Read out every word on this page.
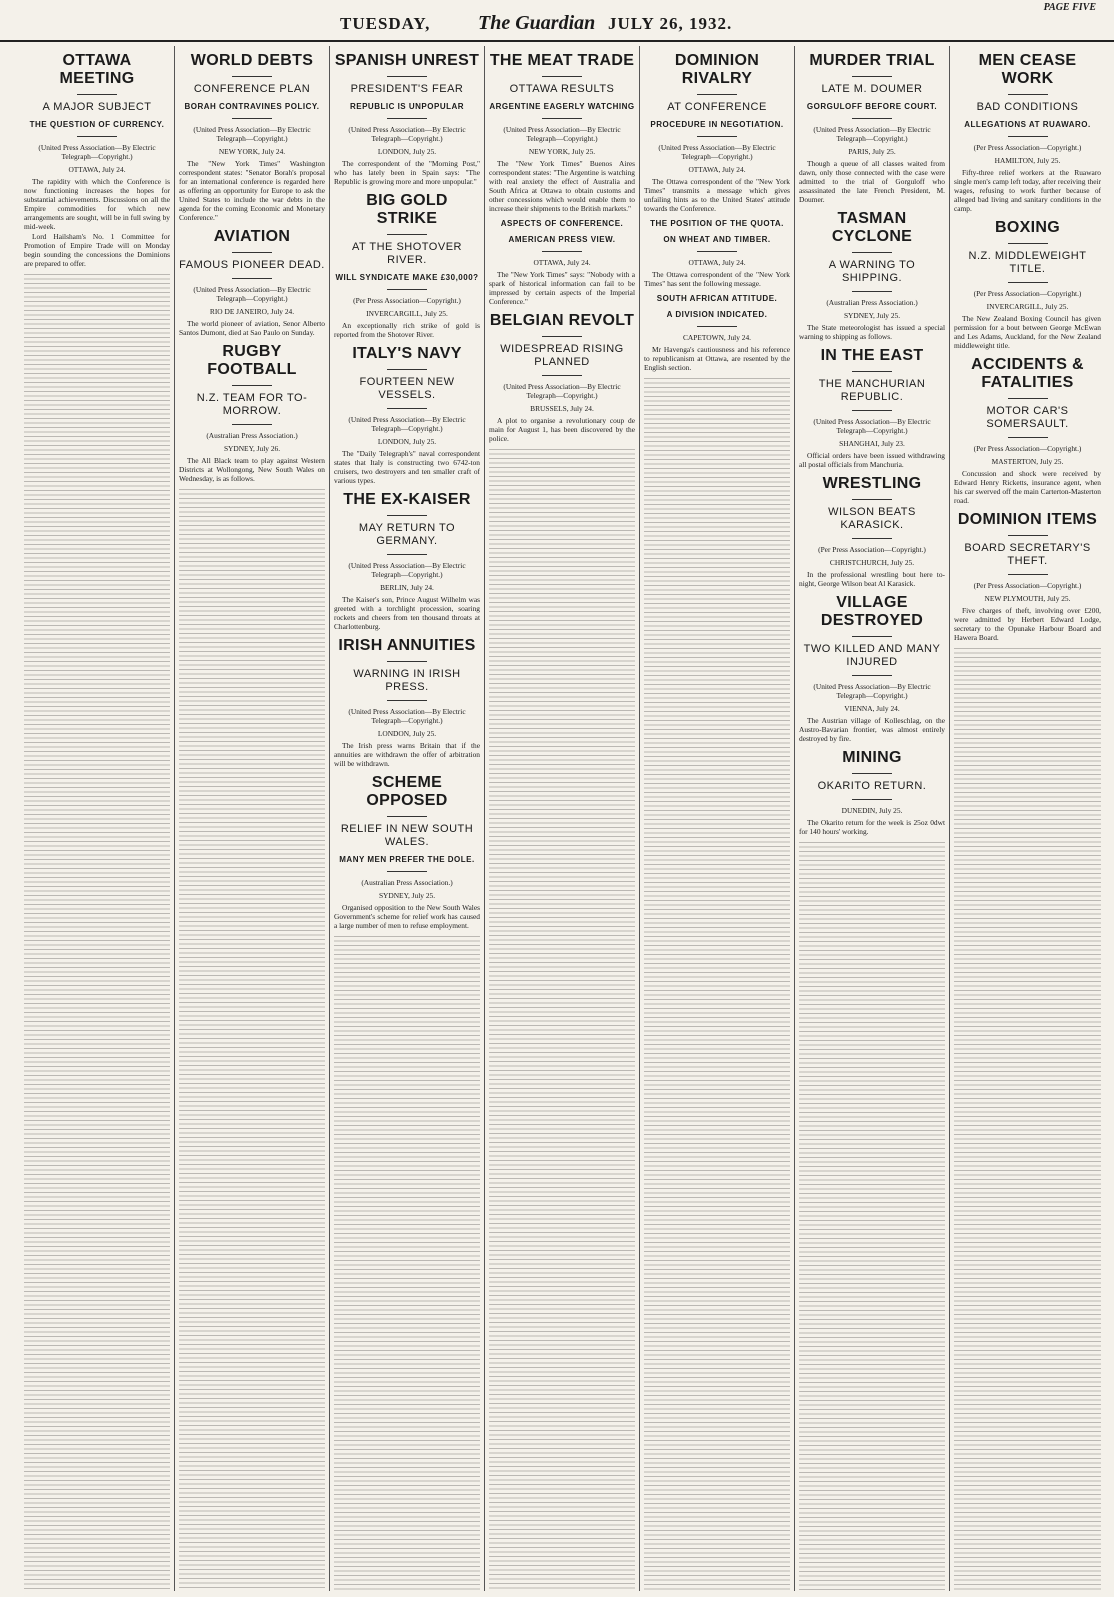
TUESDAY, The Guardian JULY 26, 1932.
PAGE FIVE
OTTAWA MEETING
A MAJOR SUBJECT
THE QUESTION OF CURRENCY.
(United Press Association—By Electric Telegraph—Copyright.)
OTTAWA, July 24.

The rapidity with which the Conference is now functioning increases the hopes for substantial achievements. Discussions on all the Empire commodities for which new arrangements are sought, will be in full swing by mid-week.

Lord Hailsham's No. 1 Committee for Promotion of Empire Trade will on Monday begin sounding the concessions the Dominions are prepared to offer.

WORLD DEBTS
CONFERENCE PLAN
BORAH CONTRAVINES POLICY.
(United Press Association—By Electric Telegraph—Copyright.)
NEW YORK, July 24.

The "New York Times" Washington correspondent states: "Senator Borah's proposal for an international conference is regarded here as offering an opportunity for Europe to ask the United States to include the war debts in the agenda for the coming Economic and Monetary Conference."

AVIATION
FAMOUS PIONEER DEAD.
(United Press Association—By Electric Telegraph—Copyright.)
RIO DE JANEIRO, July 24.

The world pioneer of aviation, Senor Alberto Santos Dumont, died at Sao Paulo on Sunday.

RUGBY FOOTBALL
N.Z. TEAM FOR TO-MORROW.
(Australian Press Association.)
SYDNEY, July 26.

The All Black team to play against Western Districts at Wollongong, New South Wales on Wednesday, is as follows.

SPANISH UNREST
PRESIDENT'S FEAR
REPUBLIC IS UNPOPULAR
(United Press Association—By Electric Telegraph—Copyright.)
LONDON, July 25.

The correspondent of the "Morning Post," who has lately been in Spain says: "The Republic is growing more and more unpopular."

BIG GOLD STRIKE
AT THE SHOTOVER RIVER.
WILL SYNDICATE MAKE £30,000?
(Per Press Association—Copyright.)
INVERCARGILL, July 25.

An exceptionally rich strike of gold is reported from the Shotover River.

ITALY'S NAVY
FOURTEEN NEW VESSELS.
(United Press Association—By Electric Telegraph—Copyright.)
LONDON, July 25.

The "Daily Telegraph's" naval correspondent states that Italy is constructing two 6742-ton cruisers, two destroyers and ten smaller craft of various types.

THE EX-KAISER
MAY RETURN TO GERMANY.
(United Press Association—By Electric Telegraph—Copyright.)
BERLIN, July 24.

The Kaiser's son, Prince August Wilhelm was greeted with a torchlight procession, soaring rockets and cheers from ten thousand throats at Charlottenburg.

IRISH ANNUITIES
WARNING IN IRISH PRESS.
(United Press Association—By Electric Telegraph—Copyright.)
LONDON, July 25.

The Irish press warns Britain that if the annuities are withdrawn the offer of arbitration will be withdrawn.

SCHEME OPPOSED
RELIEF IN NEW SOUTH WALES.
MANY MEN PREFER THE DOLE.
(Australian Press Association.)
SYDNEY, July 25.

Organised opposition to the New South Wales Government's scheme for relief work has caused a large number of men to refuse employment.

THE MEAT TRADE
OTTAWA RESULTS
ARGENTINE EAGERLY WATCHING
(United Press Association—By Electric Telegraph—Copyright.)
NEW YORK, July 25.

The "New York Times" Buenos Aires correspondent states: "The Argentine is watching with real anxiety the effect of Australia and South Africa at Ottawa to obtain customs and other concessions which would enable them to increase their shipments to the British markets."

ASPECTS OF CONFERENCE.
AMERICAN PRESS VIEW.
OTTAWA, July 24.

The "New York Times" says: "Nobody with a spark of historical information can fail to be impressed by certain aspects of the Imperial Conference."

BELGIAN REVOLT
WIDESPREAD RISING PLANNED
(United Press Association—By Electric Telegraph—Copyright.)
BRUSSELS, July 24.

A plot to organise a revolutionary coup de main for August 1, has been discovered by the police.

DOMINION RIVALRY
AT CONFERENCE
PROCEDURE IN NEGOTIATION.
(United Press Association—By Electric Telegraph—Copyright.)
OTTAWA, July 24.

The Ottawa correspondent of the "New York Times" transmits a message which gives unfailing hints as to the United States' attitude towards the Conference.

THE POSITION OF THE QUOTA.
ON WHEAT AND TIMBER.
OTTAWA, July 24.

The Ottawa correspondent of the "New York Times" has sent the following message.

SOUTH AFRICAN ATTITUDE.
A DIVISION INDICATED.
CAPETOWN, July 24.

Mr Havenga's cautiousness and his reference to republicanism at Ottawa, are resented by the English section.

MURDER TRIAL
LATE M. DOUMER
GORGULOFF BEFORE COURT.
(United Press Association—By Electric Telegraph—Copyright.)
PARIS, July 25.

Though a queue of all classes waited from dawn, only those connected with the case were admitted to the trial of Gorguloff who assassinated the late French President, M. Doumer.

TASMAN CYCLONE
A WARNING TO SHIPPING.
(Australian Press Association.)
SYDNEY, July 25.

The State meteorologist has issued a special warning to shipping as follows.

IN THE EAST
THE MANCHURIAN REPUBLIC.
(United Press Association—By Electric Telegraph—Copyright.)
SHANGHAI, July 23.

Official orders have been issued withdrawing all postal officials from Manchuria.

WRESTLING
WILSON BEATS KARASICK.
(Per Press Association—Copyright.)
CHRISTCHURCH, July 25.

In the professional wrestling bout here to-night, George Wilson beat Al Karasick.

VILLAGE DESTROYED
TWO KILLED AND MANY INJURED
(United Press Association—By Electric Telegraph—Copyright.)
VIENNA, July 24.

The Austrian village of Kolleschlag, on the Austro-Bavarian frontier, was almost entirely destroyed by fire.

MINING
OKARITO RETURN.
DUNEDIN, July 25.

The Okarito return for the week is 25oz 0dwt for 140 hours' working.

MEN CEASE WORK
BAD CONDITIONS
ALLEGATIONS AT RUAWARO.
(Per Press Association—Copyright.)
HAMILTON, July 25.

Fifty-three relief workers at the Ruawaro single men's camp left today, after receiving their wages, refusing to work further because of alleged bad living and sanitary conditions in the camp.

BOXING
N.Z. MIDDLEWEIGHT TITLE.
(Per Press Association—Copyright.)
INVERCARGILL, July 25.

The New Zealand Boxing Council has given permission for a bout between George McEwan and Les Adams, Auckland, for the New Zealand middleweight title.

ACCIDENTS & FATALITIES
MOTOR CAR'S SOMERSAULT.
(Per Press Association—Copyright.)
MASTERTON, July 25.

Concussion and shock were received by Edward Henry Ricketts, insurance agent, when his car swerved off the main Carterton-Masterton road.

DOMINION ITEMS
BOARD SECRETARY'S THEFT.
(Per Press Association—Copyright.)
NEW PLYMOUTH, July 25.

Five charges of theft, involving over £200, were admitted by Herbert Edward Lodge, secretary to the Opunake Harbour Board and Hawera Board.
